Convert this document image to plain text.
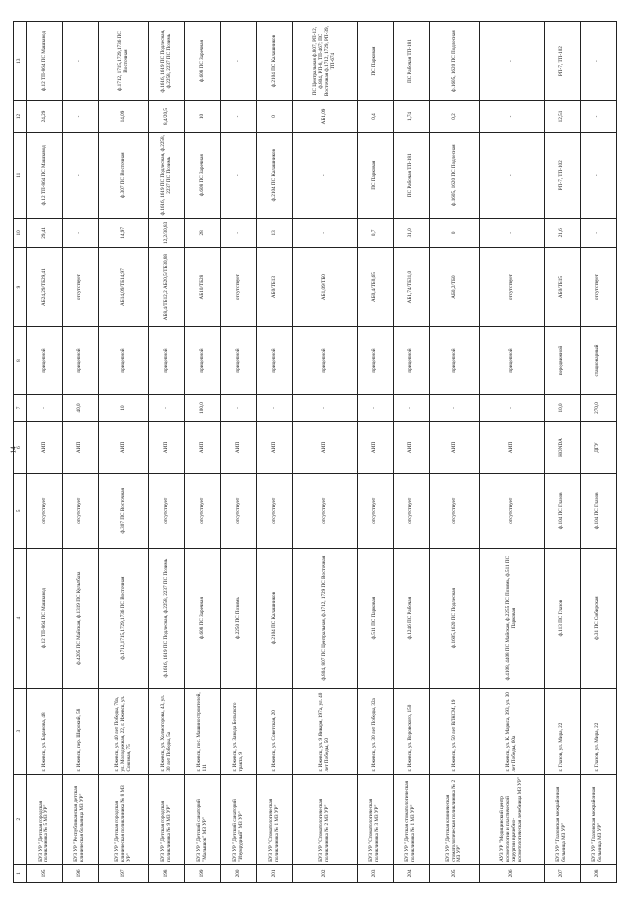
14
1	2	3	4	5	6	7	8	9	10	11	12	13
195	БУЗ УР "Детская городская поликлиника № 5 МЗ УР"	г. Ижевск, ул. Баранова, 48	ф.12 ТП-864 ПС Машзавод	отсутствует	АИП	-	прицепной	АБ24,29/ТБ29,41	29,41	ф.12 ТП-864 ПС Машзавод	24,29	ф.12 ТП-864 ПС Машзавод
196	БУЗ УР "Республиканская детская клиническая больница МЗ УР"	г. Ижевск, пер. Широкий, 58	ф.4205 ПС Майская, ф.1319 ПС Культбаза	отсутствует	АИП	40,0	прицепной	отсутствует	-	-	-	-
197	БУЗ УР "Детская городская клиническая поликлиника № 8 МЗ УР"	г. Ижевск, ул. 40 лет Победы, 70а, ул. Молодежная, 22, г. Ижевск, ул. Союзная, 75	ф.1712,1715,1729,1736 ПС Восточная	ф.307 ПС Восточная	АИП	10	прицепной	АБ14,09/ТБ14,97	14,97	ф.307 ПС Восточная	14,09	ф.1712, 1715,1729,1736 ПС Восточная
198	БУЗ УР "Детская городская поликлиника № 9 МЗ УР"	г. Ижевск, ул. Холмогорова, 43, ул. 30 лет Победы, 5а	ф.1616, 1619 ПС Подлесная, ф.2258, 2237 ПС Позимь	отсутствует	АИП	-	прицепной	АБ8,4/ТБ12,2 АБ20,5/ТБ30,88	12,2/30,83	ф.1616, 1619 ПС Подлесная, ф.2258, 2237 ПС Позимь	8,4/20,5	ф.1616, 1619 ПС Подлесная, ф.2258, 2237 ПС Позимь
199	БУЗ УР "Детский санаторий "Малышок" МЗ УР"	г. Ижевск, пос. Машиностроителей, 111	ф.608 ПС Заречная	отсутствует	АИП	100,0	прицепной	АБ10/ТБ28	28	ф.608 ПС Заречная	10	ф.608 ПС Заречная
200	БУЗ УР "Детский санаторий "Изумрудный" МЗ УР"	г. Ижевск, ул. Завода Бельского тракта, 9	ф.2250 ПС Позимь	отсутствует	АИП	-	прицепной	отсутствует	-	-	-	-
201	БУЗ УР "Стоматологическая поликлиника № 1 МЗ УР"	г. Ижевск, ул. Советская, 20	ф.2104 ПС Калашников	отсутствует	АИП	-	прицепной	АБ0/ТБ13	13	ф.2104 ПС Калашников	0	ф.2104 ПС Калашников
202	БУЗ УР "Стоматологическая поликлиника № 2 МЗ УР"	г. Ижевск, ул. 9 Января, 197а, ул. 40 лет Победы, 50	ф.804, 807 ПС Центральная, ф.1712, 1729 ПС Восточная	отсутствует	АИП	-	прицепной	АБ1,09/ТБ0	-	-	АБ1,09	ПС Центральная ф.807, РП-12, ф.804, РП-8, ТП-467; ПС Восточная ф.1712, 1729, РП-39, ТП-674
203	БУЗ УР "Стоматологическая поликлиника № 3 МЗ УР"	г. Ижевск, ул. 30 лет Победы, 32а	ф.511 ПС Парковая	отсутствует	АИП	-	прицепной	АБ0,4/ТБ0,65	0,7	ПС Парковая	0,4	ПС Парковая
204	БУЗ УР "Детская стоматологическая поликлиника № 1 МЗ УР"	г. Ижевск, ул. Воровского, 150	ф.1246 ПС Рабочая	отсутствует	АИП	-	прицепной	АБ1,74/ТБ31,0	31,0	ПС Рабочая ТП-181	1,74	ПС Рабочая ТП-181
205	БУЗ УР "Детская клиническая стоматологическая поликлиника № 2 МЗ УР"	г. Ижевск, ул. 50 лет ВЛКСМ, 19	ф.1605,1620 ПС Подлесная	отсутствует	АИП	-	прицепной	АБ0,2/ТБ0	0	ф.1605, 1620 ПС Подлесная	0,2	ф.1605, 1620 ПС Подлесная
206	АУЗ УР "Медицинский центр косметологии и пластической хирургии врачебно-косметологическая лечебница МЗ УР"	г. Ижевск, ул. К. Маркса, 393, ул. 30 лет Победы, 60а	ф.4108, 4408 ПС Майская, ф.2255 ПС Позимь, ф.511 ПС Парковая	отсутствует	АИП	-	прицепной	отсутствует	-	-	-	-
207	БУЗ УР "Глазовская межрайонная больница МЗ УР"	г. Глазов, ул. Мира, 22	ф.113 ПС Глазов	ф.104 ПС Глазов	HONDA	10,0	передвижной	АБ0/ТБ15	21,6	РП-7, ТП-102	12,51	РП-7, ТП-102
208	БУЗ УР "Глазовская межрайонная больница МЗ УР"	г. Глазов, ул. Мира, 22	ф.31 ПС Сибирская	ф.104 ПС Глазов	ДГУ	270,0	стационарный	отсутствует	-	-	-	-
